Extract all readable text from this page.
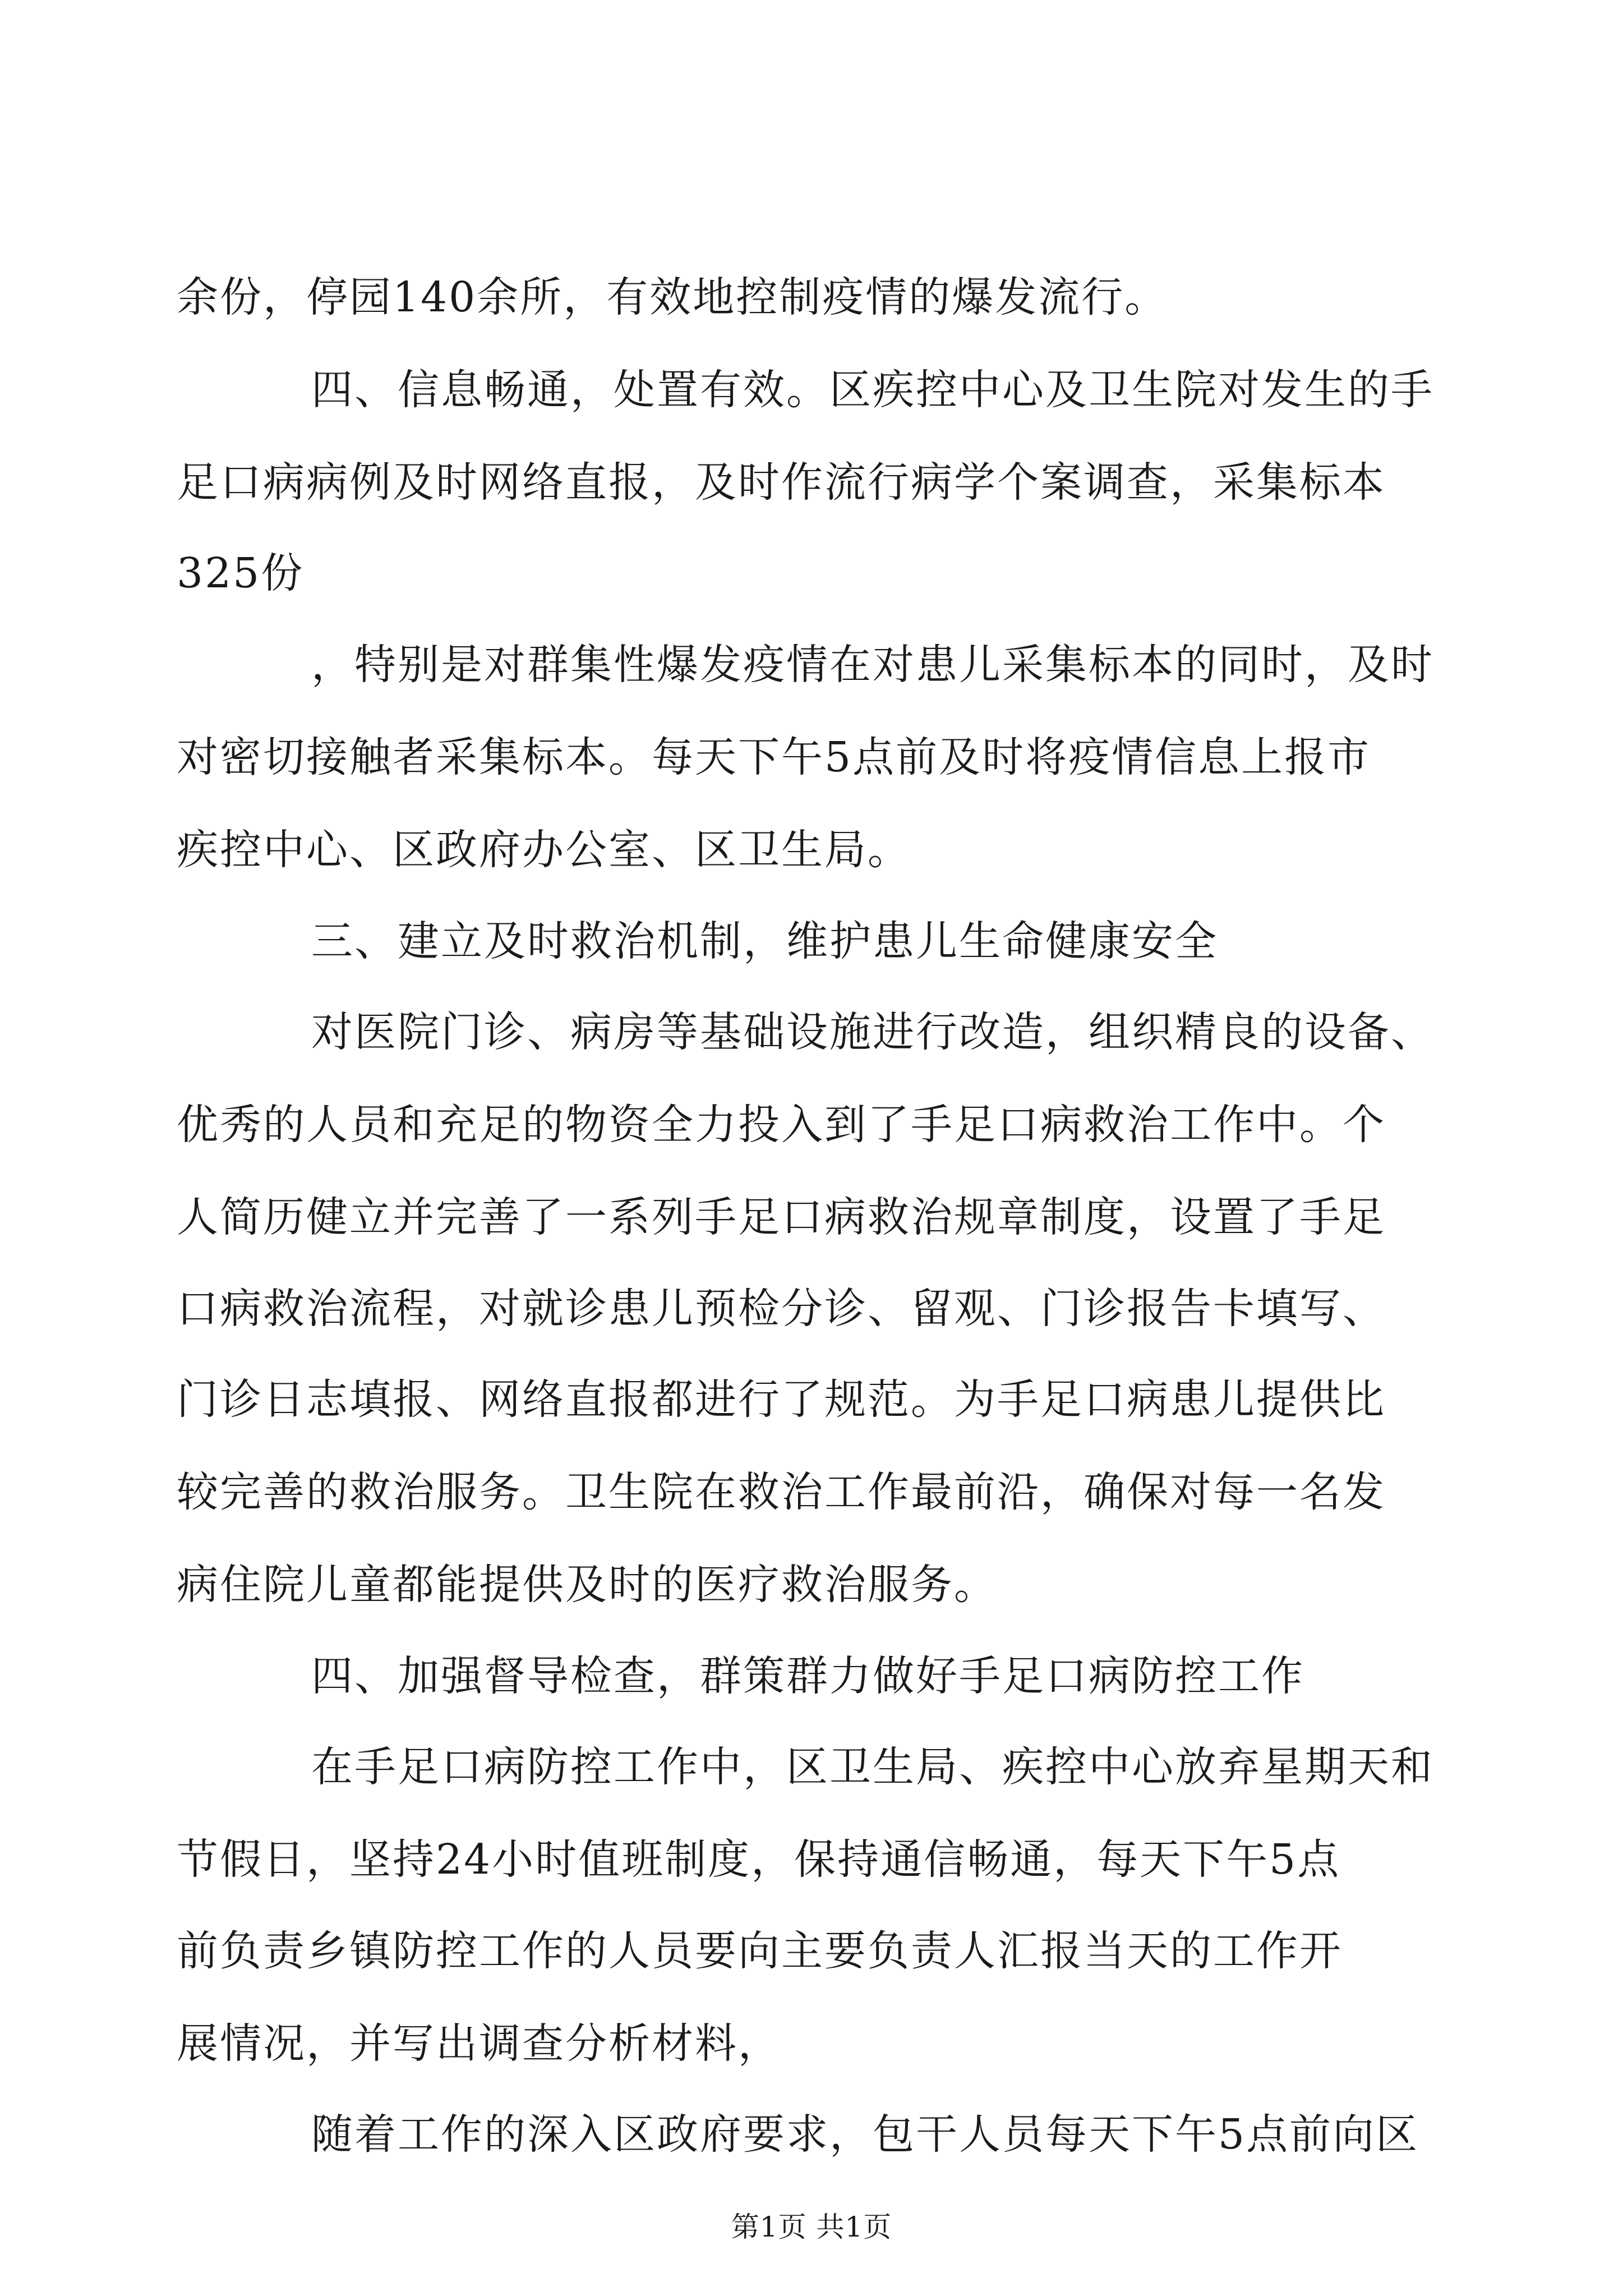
余份，停园140余所，有效地控制疫情的爆发流行。
四、信息畅通，处置有效。区疾控中心及卫生院对发生的手
足口病病例及时网络直报，及时作流行病学个案调查，采集标本
325份
，特别是对群集性爆发疫情在对患儿采集标本的同时，及时
对密切接触者采集标本。每天下午5点前及时将疫情信息上报市
疾控中心、区政府办公室、区卫生局。
三、建立及时救治机制，维护患儿生命健康安全
对医院门诊、病房等基础设施进行改造，组织精良的设备、
优秀的人员和充足的物资全力投入到了手足口病救治工作中。个
人简历健立并完善了一系列手足口病救治规章制度，设置了手足
口病救治流程，对就诊患儿预检分诊、留观、门诊报告卡填写、
门诊日志填报、网络直报都进行了规范。为手足口病患儿提供比
较完善的救治服务。卫生院在救治工作最前沿，确保对每一名发
病住院儿童都能提供及时的医疗救治服务。
四、加强督导检查，群策群力做好手足口病防控工作
在手足口病防控工作中，区卫生局、疾控中心放弃星期天和
节假日，坚持24小时值班制度，保持通信畅通，每天下午5点
前负责乡镇防控工作的人员要向主要负责人汇报当天的工作开
展情况，并写出调查分析材料，
随着工作的深入区政府要求，包干人员每天下午5点前向区
第1页 共1页
